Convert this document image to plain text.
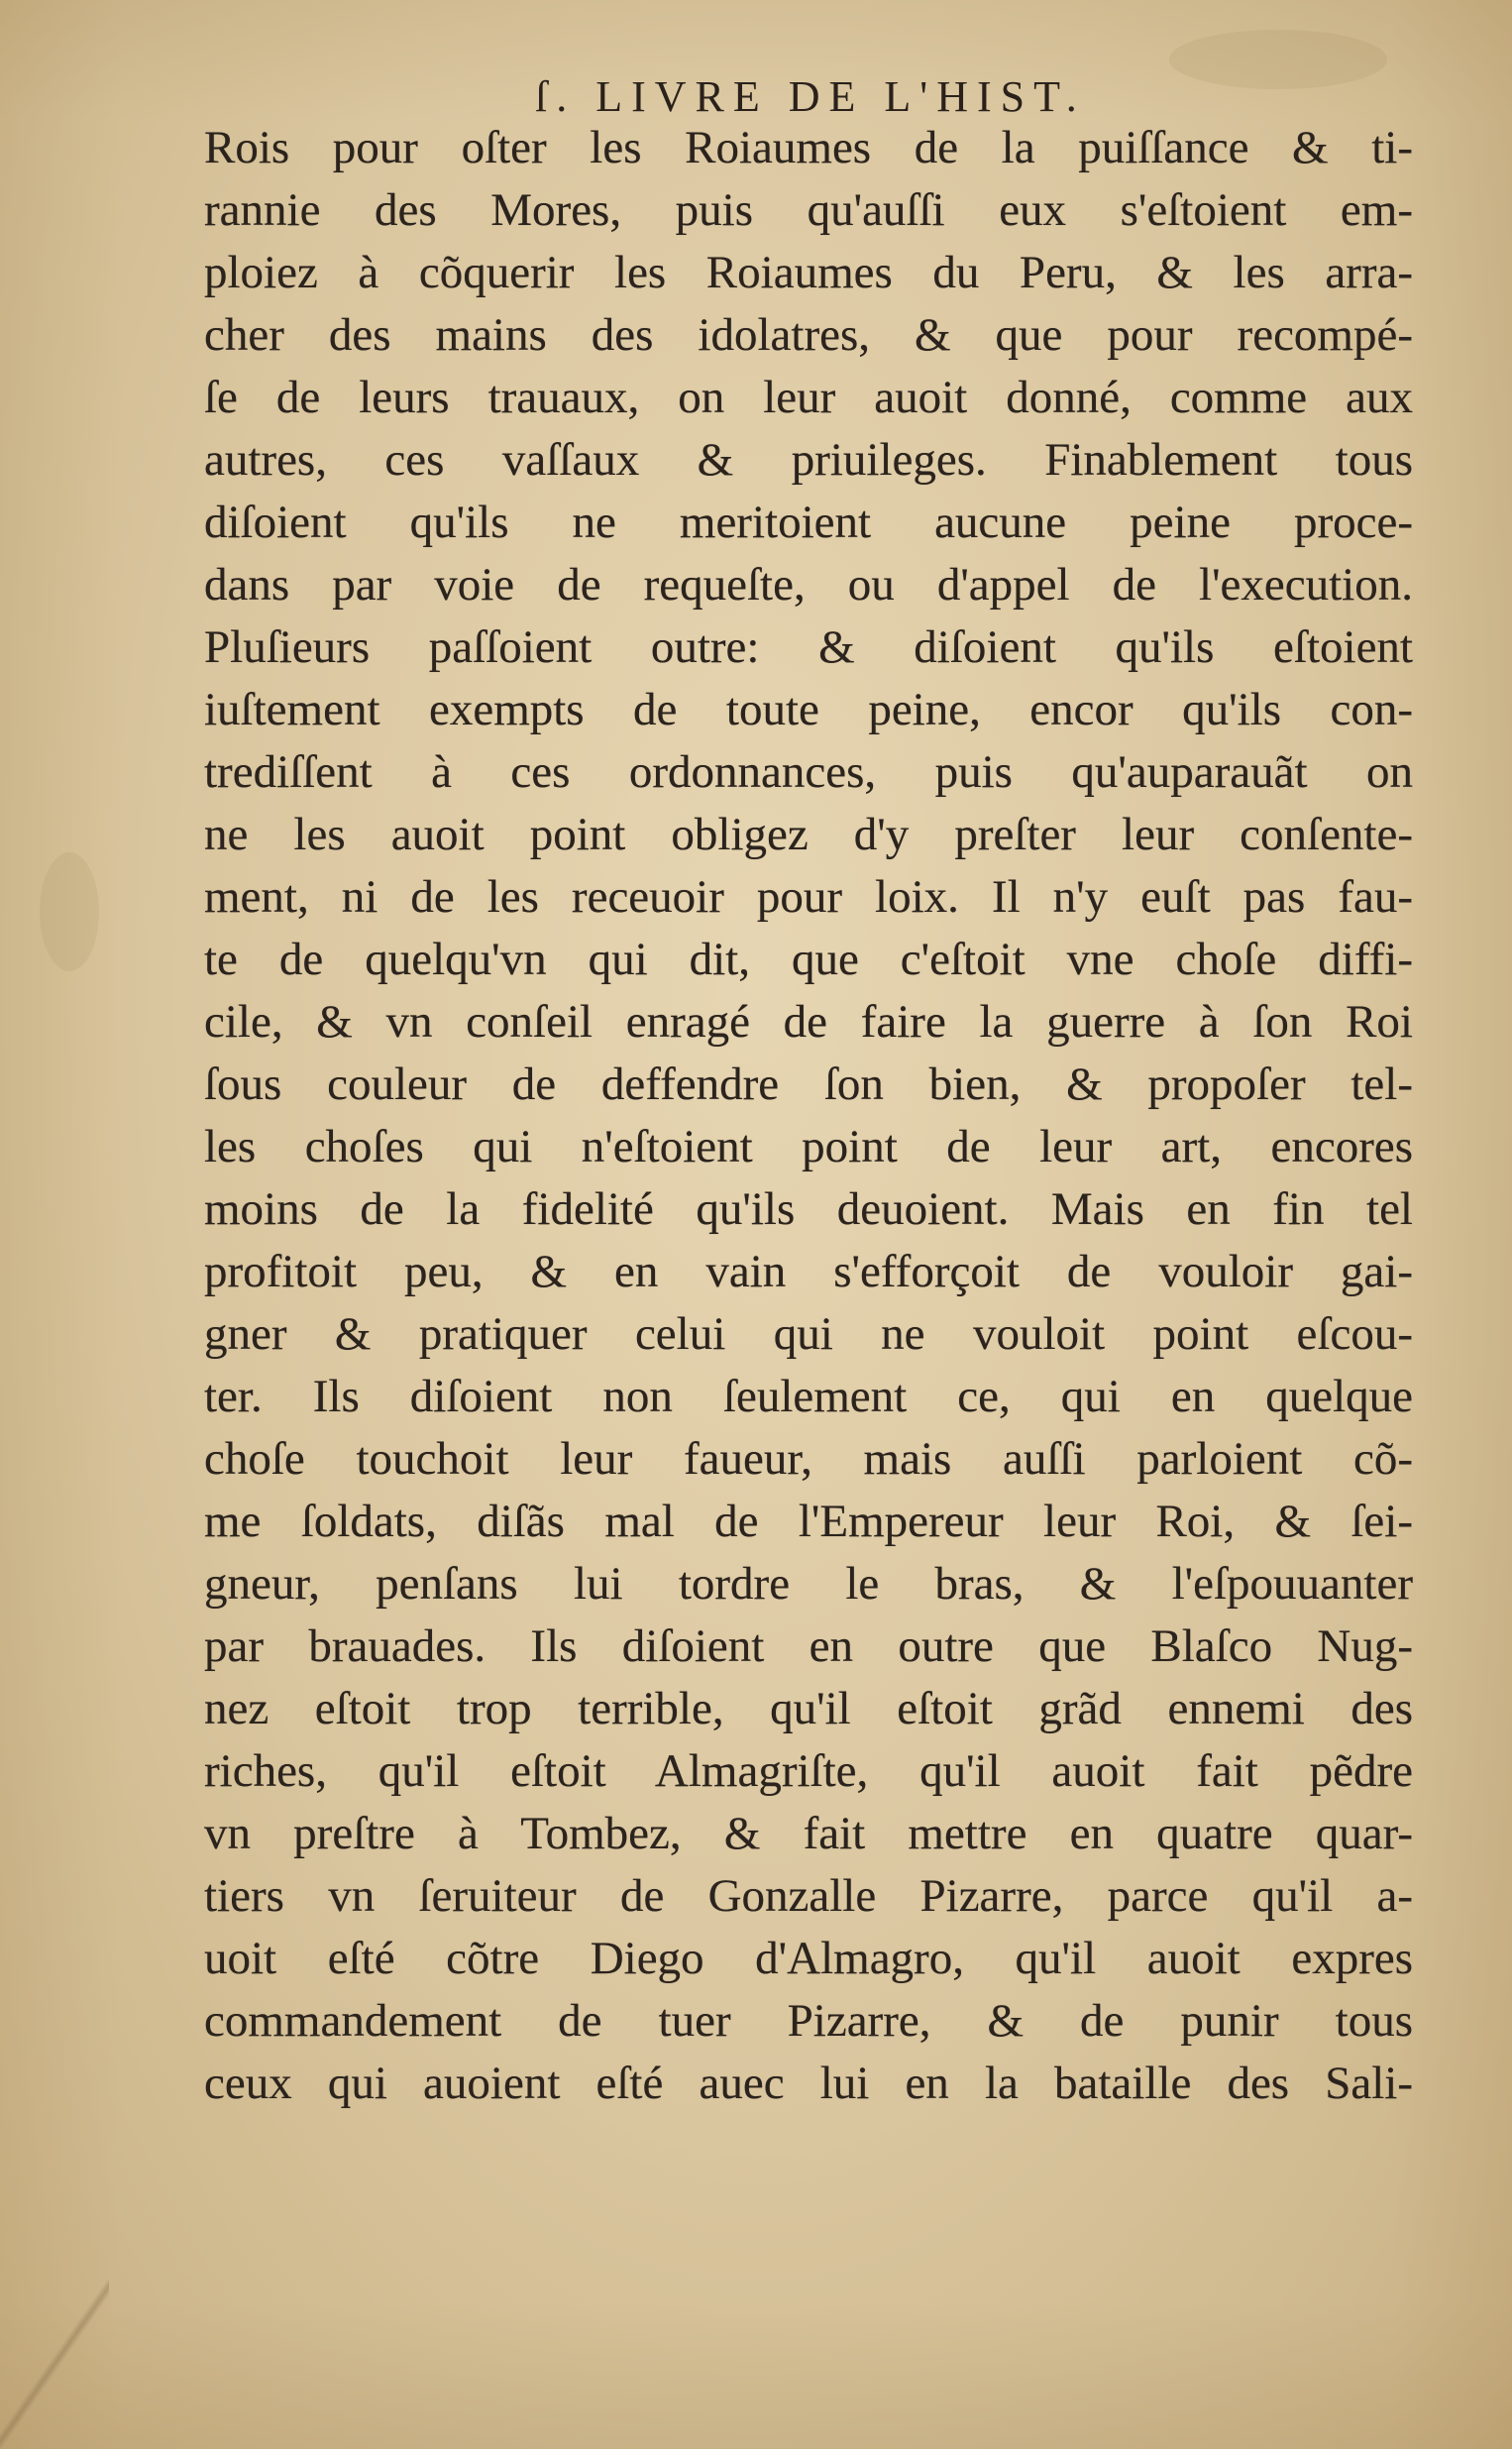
ſ. LIVRE DE L'HIST.
Rois pour oſter les Roiaumes de la puiſſance & ti-
rannie des Mores, puis qu'auſſi eux s'eſtoient em-
ploiez à cõquerir les Roiaumes du Peru, & les arra-
cher des mains des idolatres, & que pour recompé-
ſe de leurs trauaux, on leur auoit donné, comme aux
autres, ces vaſſaux & priuileges. Finablement tous
diſoient qu'ils ne meritoient aucune peine proce-
dans par voie de requeſte, ou d'appel de l'execution.
Pluſieurs paſſoient outre: & diſoient qu'ils eſtoient
iuſtement exempts de toute peine, encor qu'ils con-
trediſſent à ces ordonnances, puis qu'auparauãt on
ne les auoit point obligez d'y preſter leur conſente-
ment, ni de les receuoir pour loix. Il n'y euſt pas fau-
te de quelqu'vn qui dit, que c'eſtoit vne choſe diffi-
cile, & vn conſeil enragé de faire la guerre à ſon Roi
ſous couleur de deffendre ſon bien, & propoſer tel-
les choſes qui n'eſtoient point de leur art, encores
moins de la fidelité qu'ils deuoient. Mais en fin tel
profitoit peu, & en vain s'efforçoit de vouloir gai-
gner & pratiquer celui qui ne vouloit point eſcou-
ter. Ils diſoient non ſeulement ce, qui en quelque
choſe touchoit leur faueur, mais auſſi parloient cõ-
me ſoldats, diſãs mal de l'Empereur leur Roi, & ſei-
gneur, penſans lui tordre le bras, & l'eſpouuanter
par brauades. Ils diſoient en outre que Blaſco Nug-
nez eſtoit trop terrible, qu'il eſtoit grãd ennemi des
riches, qu'il eſtoit Almagriſte, qu'il auoit fait pẽdre
vn preſtre à Tombez, & fait mettre en quatre quar-
tiers vn ſeruiteur de Gonzalle Pizarre, parce qu'il a-
uoit eſté cõtre Diego d'Almagro, qu'il auoit expres
commandement de tuer Pizarre, & de punir tous
ceux qui auoient eſté auec lui en la bataille des Sali-
